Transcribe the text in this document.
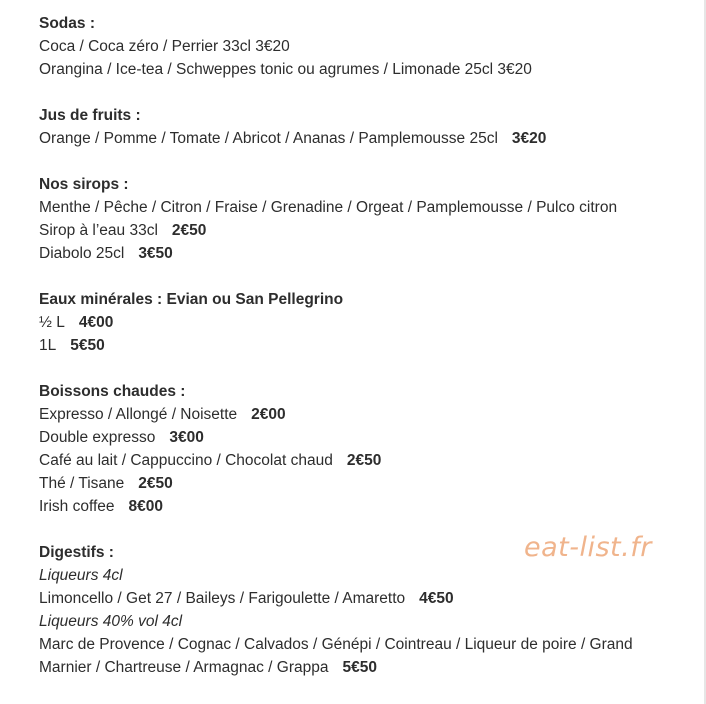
Sodas :
Coca / Coca zéro / Perrier 33cl 3€20
Orangina / Ice-tea / Schweppes tonic ou agrumes / Limonade 25cl 3€20
Jus de fruits :
Orange / Pomme / Tomate / Abricot / Ananas / Pamplemousse 25cl 3€20
Nos sirops :
Menthe / Pêche / Citron / Fraise / Grenadine / Orgeat / Pamplemousse / Pulco citron
Sirop à l’eau 33cl 2€50
Diabolo 25cl 3€50
Eaux minérales : Evian ou San Pellegrino
½ L 4€00
1L 5€50
Boissons chaudes :
Expresso / Allongé / Noisette 2€00
Double expresso 3€00
Café au lait / Cappuccino / Chocolat chaud 2€50
Thé / Tisane 2€50
Irish coffee 8€00
Digestifs :
Liqueurs 4cl
Limoncello / Get 27 / Baileys / Farigoulette / Amaretto 4€50
Liqueurs 40% vol 4cl
Marc de Provence / Cognac / Calvados / Génépi / Cointreau / Liqueur de poire / Grand
Marnier / Chartreuse / Armagnac / Grappa 5€50
eat-list.fr
